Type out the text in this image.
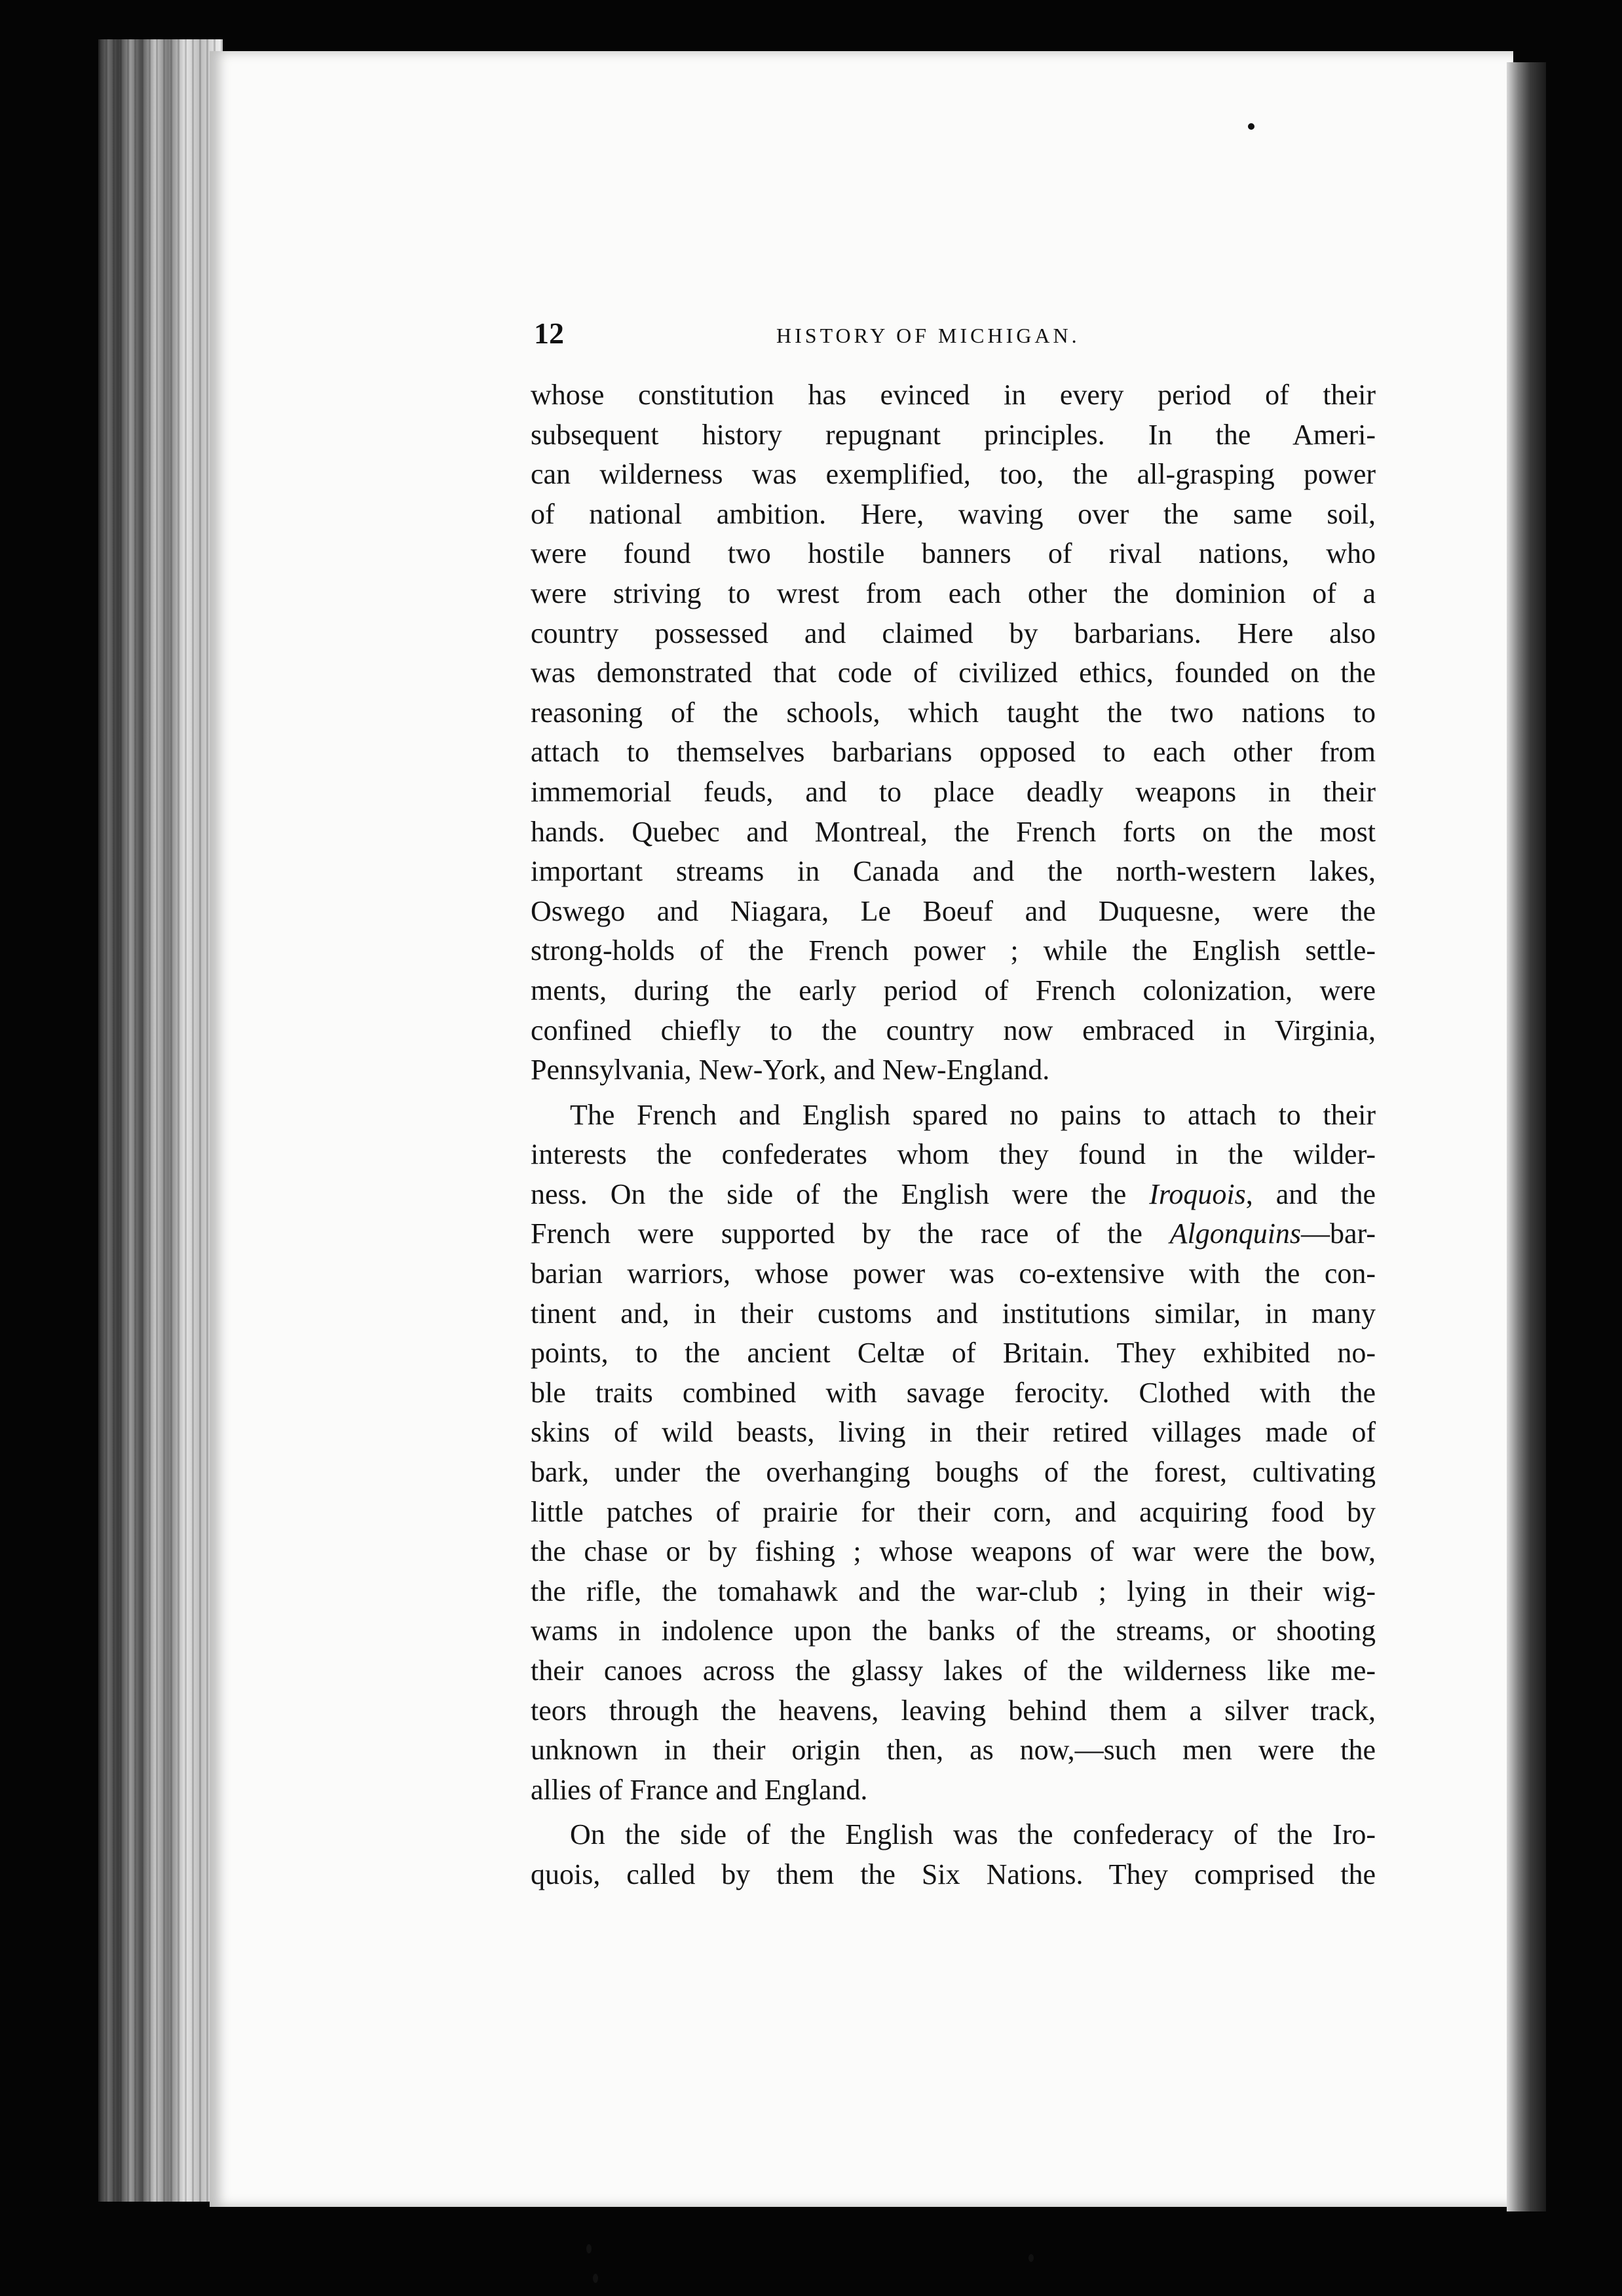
12	HISTORY OF MICHIGAN.
whose constitution has evinced in every period of their
subsequent history repugnant principles. In the Ameri-
can wilderness was exemplified, too, the all-grasping power
of national ambition. Here, waving over the same soil,
were found two hostile banners of rival nations, who
were striving to wrest from each other the dominion of a
country possessed and claimed by barbarians. Here also
was demonstrated that code of civilized ethics, founded on the
reasoning of the schools, which taught the two nations to
attach to themselves barbarians opposed to each other from
immemorial feuds, and to place deadly weapons in their
hands. Quebec and Montreal, the French forts on the most
important streams in Canada and the north-western lakes,
Oswego and Niagara, Le Boeuf and Duquesne, were the
strong-holds of the French power ; while the English settle-
ments, during the early period of French colonization, were
confined chiefly to the country now embraced in Virginia,
Pennsylvania, New-York, and New-England.
The French and English spared no pains to attach to their
interests the confederates whom they found in the wilder-
ness. On the side of the English were the Iroquois, and the
French were supported by the race of the Algonquins—bar-
barian warriors, whose power was co-extensive with the con-
tinent and, in their customs and institutions similar, in many
points, to the ancient Celtæ of Britain. They exhibited no-
ble traits combined with savage ferocity. Clothed with the
skins of wild beasts, living in their retired villages made of
bark, under the overhanging boughs of the forest, cultivating
little patches of prairie for their corn, and acquiring food by
the chase or by fishing ; whose weapons of war were the bow,
the rifle, the tomahawk and the war-club ; lying in their wig-
wams in indolence upon the banks of the streams, or shooting
their canoes across the glassy lakes of the wilderness like me-
teors through the heavens, leaving behind them a silver track,
unknown in their origin then, as now,—such men were the
allies of France and England.
On the side of the English was the confederacy of the Iro-
quois, called by them the Six Nations. They comprised the
